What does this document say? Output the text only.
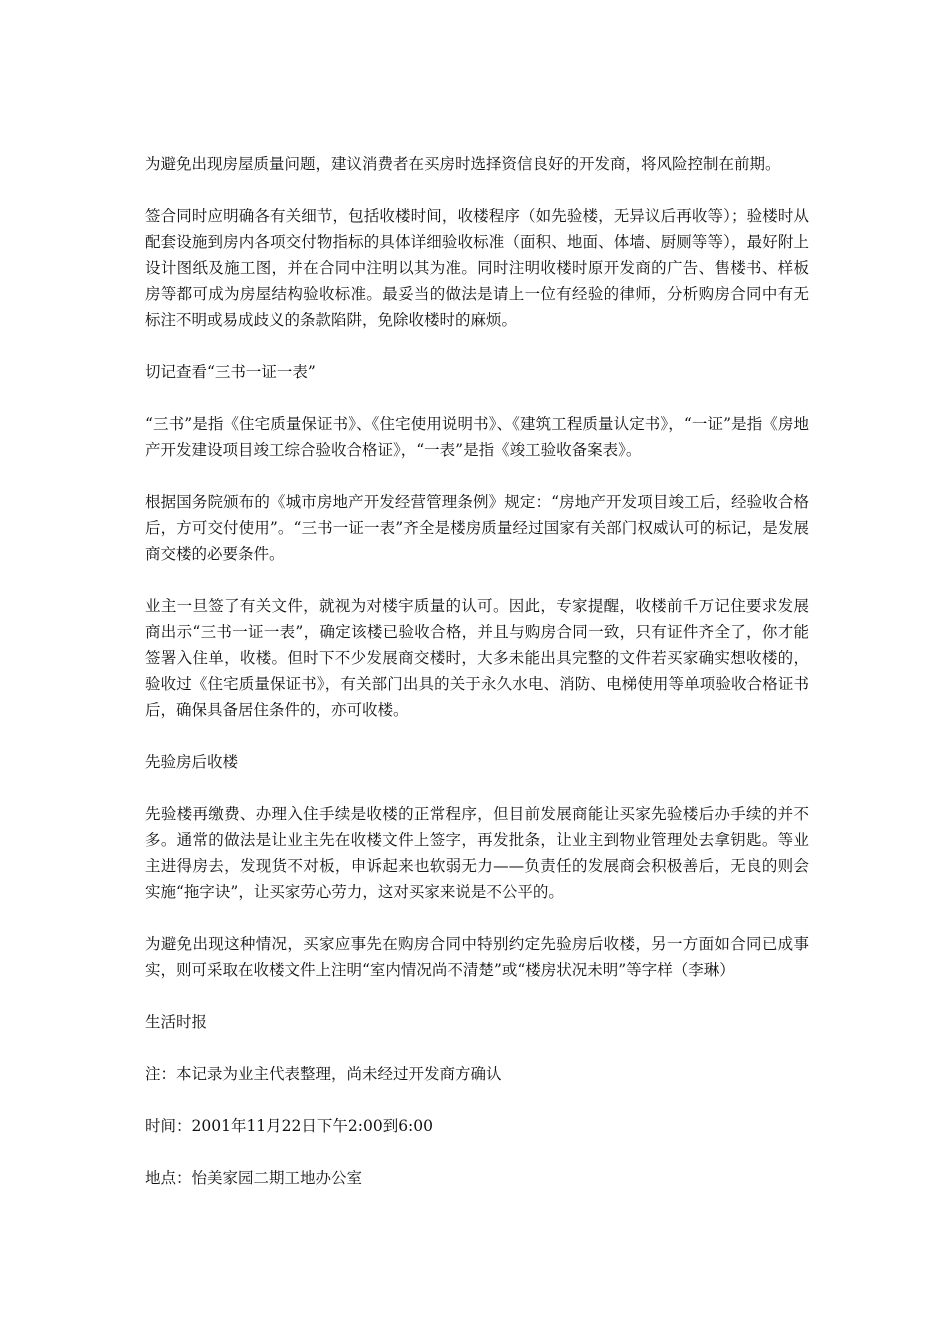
为避免出现房屋质量问题，建议消费者在买房时选择资信良好的开发商，将风险控制在前期。

签合同时应明确各有关细节，包括收楼时间，收楼程序（如先验楼，无异议后再收等）；验楼时从配套设施到房内各项交付物指标的具体详细验收标准（面积、地面、体墙、厨厕等等），最好附上设计图纸及施工图，并在合同中注明以其为准。同时注明收楼时原开发商的广告、售楼书、样板房等都可成为房屋结构验收标准。最妥当的做法是请上一位有经验的律师，分析购房合同中有无标注不明或易成歧义的条款陷阱，免除收楼时的麻烦。

切记查看“三书一证一表”

“三书”是指《住宅质量保证书》、《住宅使用说明书》、《建筑工程质量认定书》，“一证”是指《房地产开发建设项目竣工综合验收合格证》，“一表”是指《竣工验收备案表》。

根据国务院颁布的《城市房地产开发经营管理条例》规定：“房地产开发项目竣工后，经验收合格后，方可交付使用”。“三书一证一表”齐全是楼房质量经过国家有关部门权威认可的标记，是发展商交楼的必要条件。

业主一旦签了有关文件，就视为对楼宇质量的认可。因此，专家提醒，收楼前千万记住要求发展商出示“三书一证一表”，确定该楼已验收合格，并且与购房合同一致，只有证件齐全了，你才能签署入住单，收楼。但时下不少发展商交楼时，大多未能出具完整的文件若买家确实想收楼的，验收过《住宅质量保证书》，有关部门出具的关于永久水电、消防、电梯使用等单项验收合格证书后，确保具备居住条件的，亦可收楼。

先验房后收楼

先验楼再缴费、办理入住手续是收楼的正常程序，但目前发展商能让买家先验楼后办手续的并不多。通常的做法是让业主先在收楼文件上签字，再发批条，让业主到物业管理处去拿钥匙。等业主进得房去，发现货不对板，申诉起来也软弱无力——负责任的发展商会积极善后，无良的则会实施“拖字诀”，让买家劳心劳力，这对买家来说是不公平的。

为避免出现这种情况，买家应事先在购房合同中特别约定先验房后收楼，另一方面如合同已成事实，则可采取在收楼文件上注明“室内情况尚不清楚”或“楼房状况未明”等字样（李琳）

生活时报

注：本记录为业主代表整理，尚未经过开发商方确认

时间：2001年11月22日下午2:00到6:00

地点：怡美家园二期工地办公室
